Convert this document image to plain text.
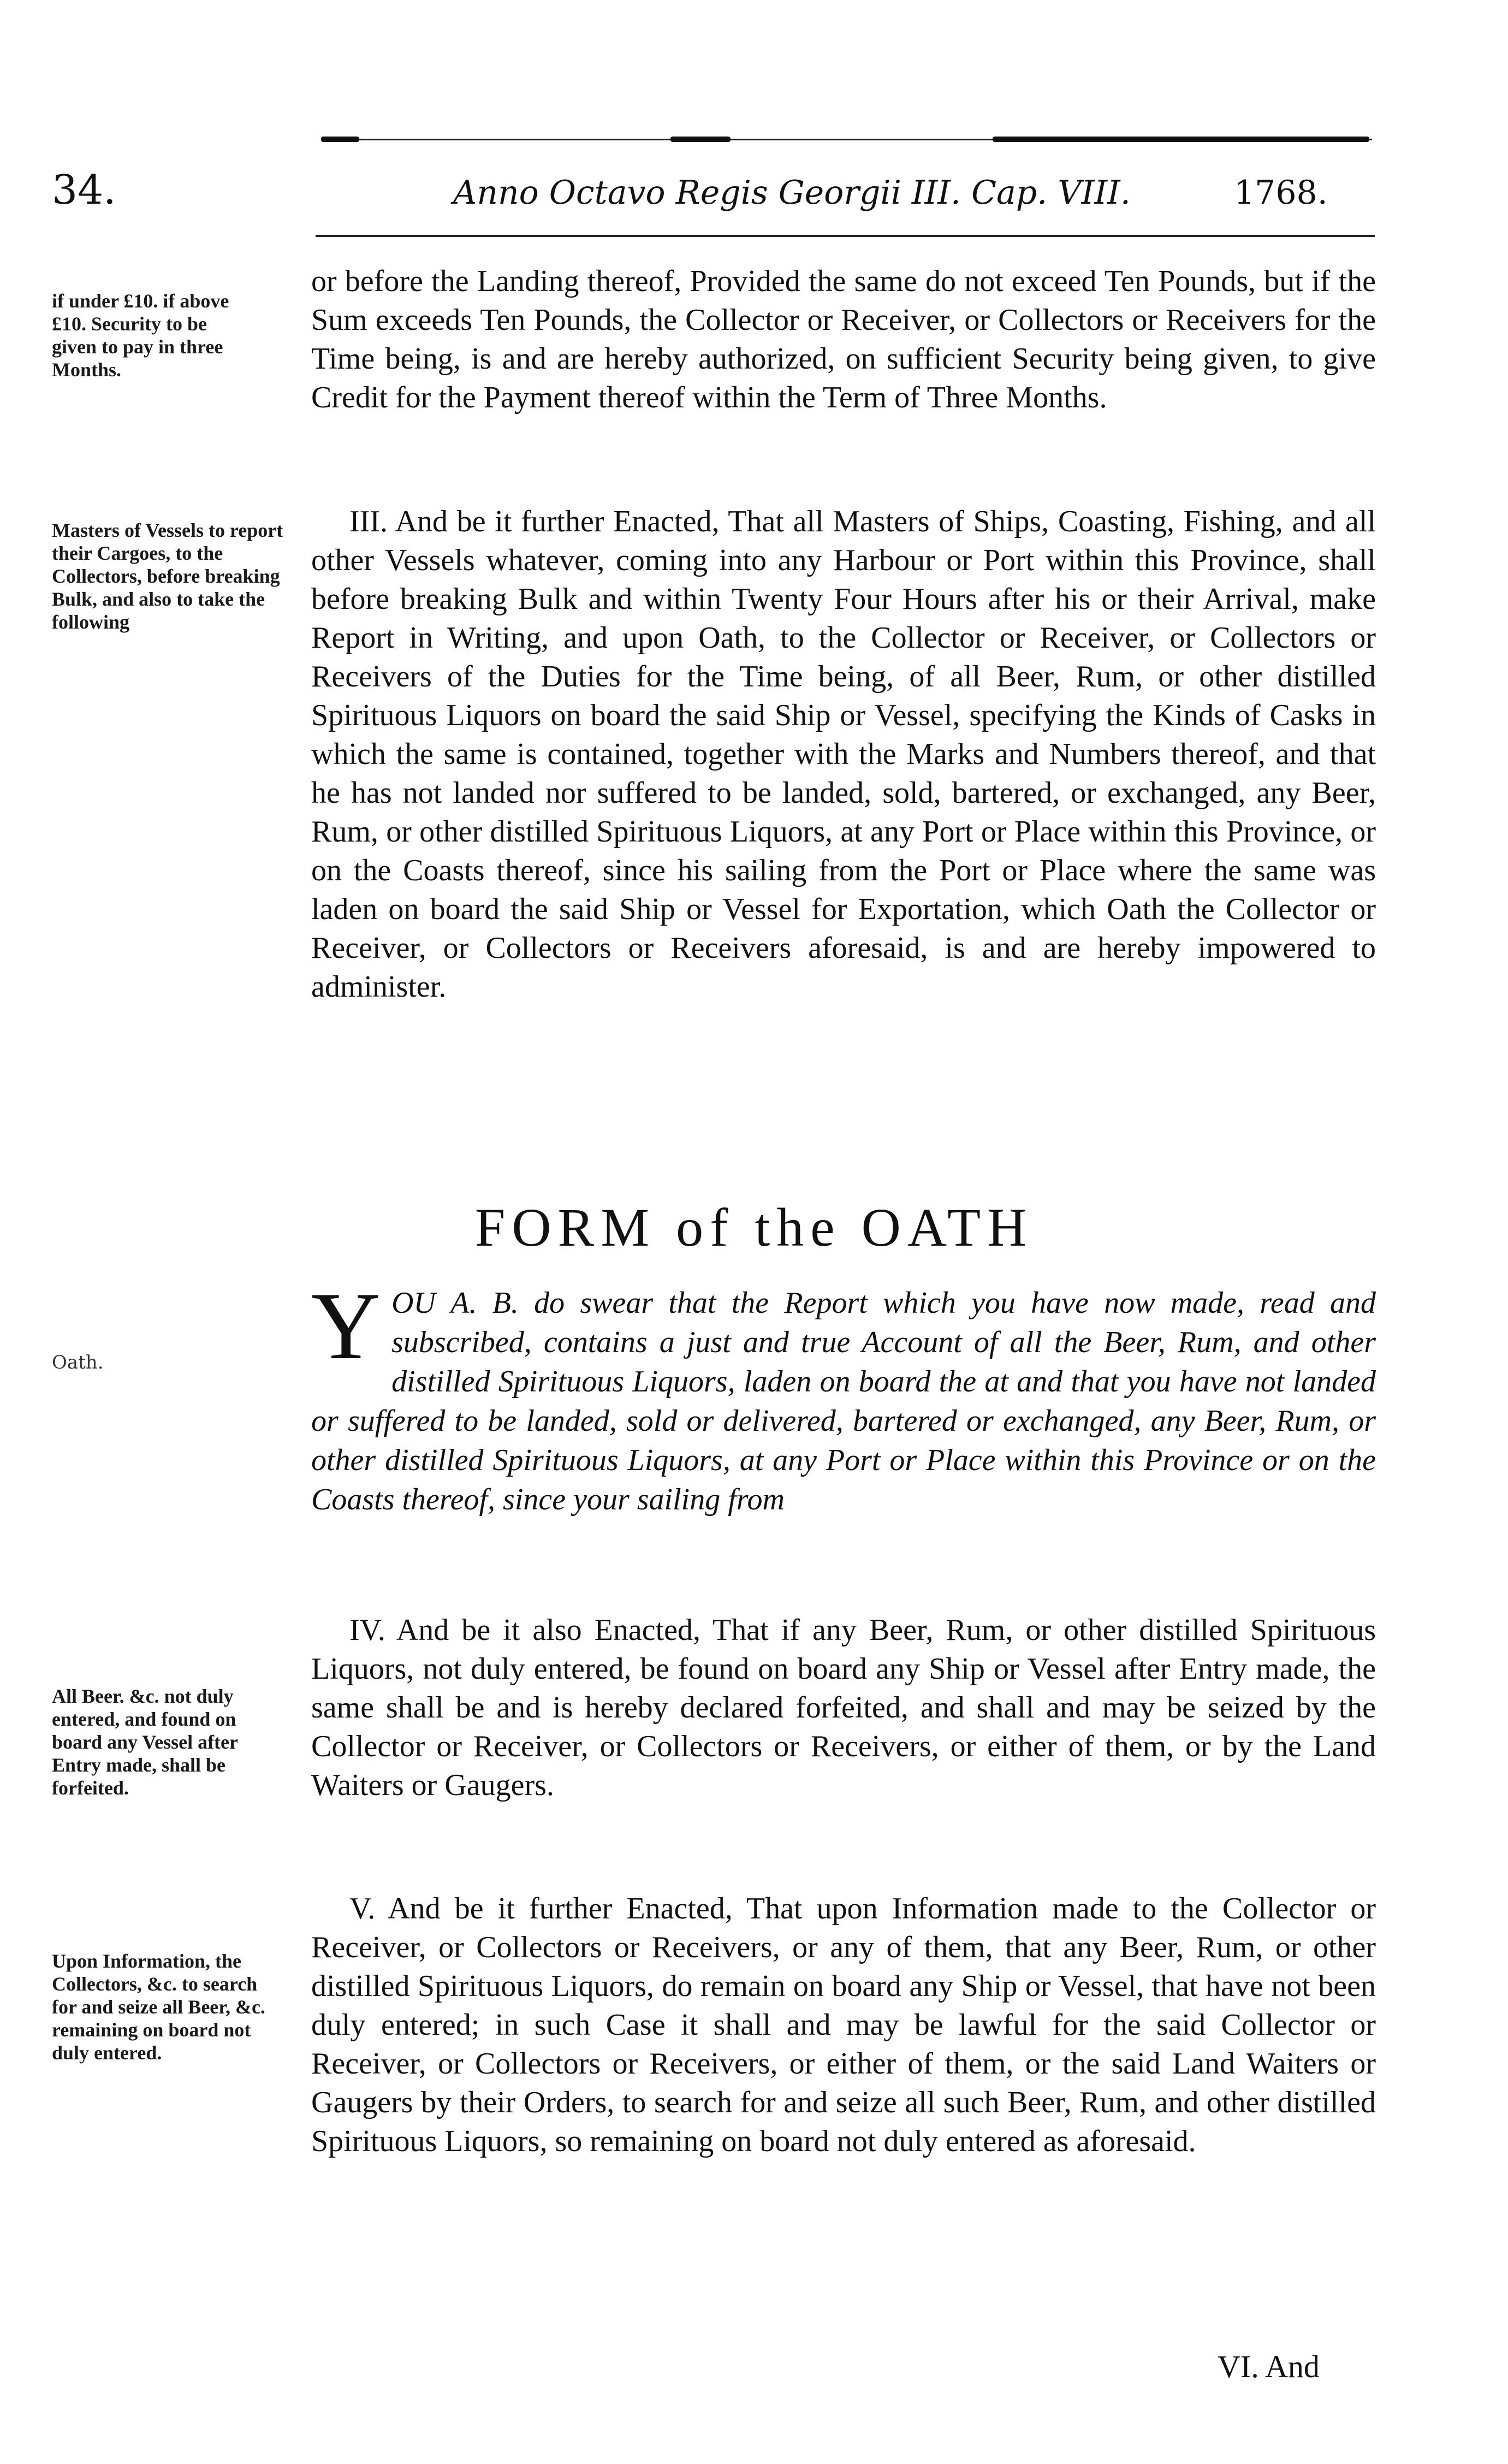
34.	Anno Octavo Regis Georgii III. Cap. VIII.	1768.
if under £10. if above £10. Security to be given to pay in three Months.
Masters of Vessels to report their Cargoes, to the Collectors, before breaking Bulk, and also to take the following
Oath.
All Beer. &c. not duly entered, and found on board any Vessel after Entry made, shall be forfeited.
Upon Information, the Collectors, &c. to search for and seize all Beer, &c. remaining on board not duly entered.

or before the Landing thereof, Provided the same do not exceed Ten Pounds, but if the Sum exceeds Ten Pounds, the Collector or Receiver, or Collectors or Receivers for the Time being, is and are hereby authorized, on sufficient Security being given, to give Credit for the Payment thereof within the Term of Three Months.

III. And be it further Enacted, That all Masters of Ships, Coasting, Fishing, and all other Vessels whatever, coming into any Harbour or Port within this Province, shall before breaking Bulk and within Twenty Four Hours after his or their Arrival, make Report in Writing, and upon Oath, to the Collector or Receiver, or Collectors or Receivers of the Duties for the Time being, of all Beer, Rum, or other distilled Spirituous Liquors on board the said Ship or Vessel, specifying the Kinds of Casks in which the same is contained, together with the Marks and Numbers thereof, and that he has not landed nor suffered to be landed, sold, bartered, or exchanged, any Beer, Rum, or other distilled Spirituous Liquors, at any Port or Place within this Province, or on the Coasts thereof, since his sailing from the Port or Place where the same was laden on board the said Ship or Vessel for Exportation, which Oath the Collector or Receiver, or Collectors or Receivers aforesaid, is and are hereby impowered to administer.

FORM of the OATH
Y OU A. B. do swear that the Report which you have now made, read and subscribed, contains a just and true Account of all the Beer, Rum, and other distilled Spirituous Liquors, laden on board the at and that you have not landed or suffered to be landed, sold or delivered, bartered or exchanged, any Beer, Rum, or other distilled Spirituous Liquors, at any Port or Place within this Province or on the Coasts thereof, since your sailing from

IV. And be it also Enacted, That if any Beer, Rum, or other distilled Spirituous Liquors, not duly entered, be found on board any Ship or Vessel after Entry made, the same shall be and is hereby declared forfeited, and shall and may be seized by the Collector or Receiver, or Collectors or Receivers, or either of them, or by the Land Waiters or Gaugers.

V. And be it further Enacted, That upon Information made to the Collector or Receiver, or Collectors or Receivers, or any of them, that any Beer, Rum, or other distilled Spirituous Liquors, do remain on board any Ship or Vessel, that have not been duly entered; in such Case it shall and may be lawful for the said Collector or Receiver, or Collectors or Receivers, or either of them, or the said Land Waiters or Gaugers by their Orders, to search for and seize all such Beer, Rum, and other distilled Spirituous Liquors, so remaining on board not duly entered as aforesaid.

VI. And
